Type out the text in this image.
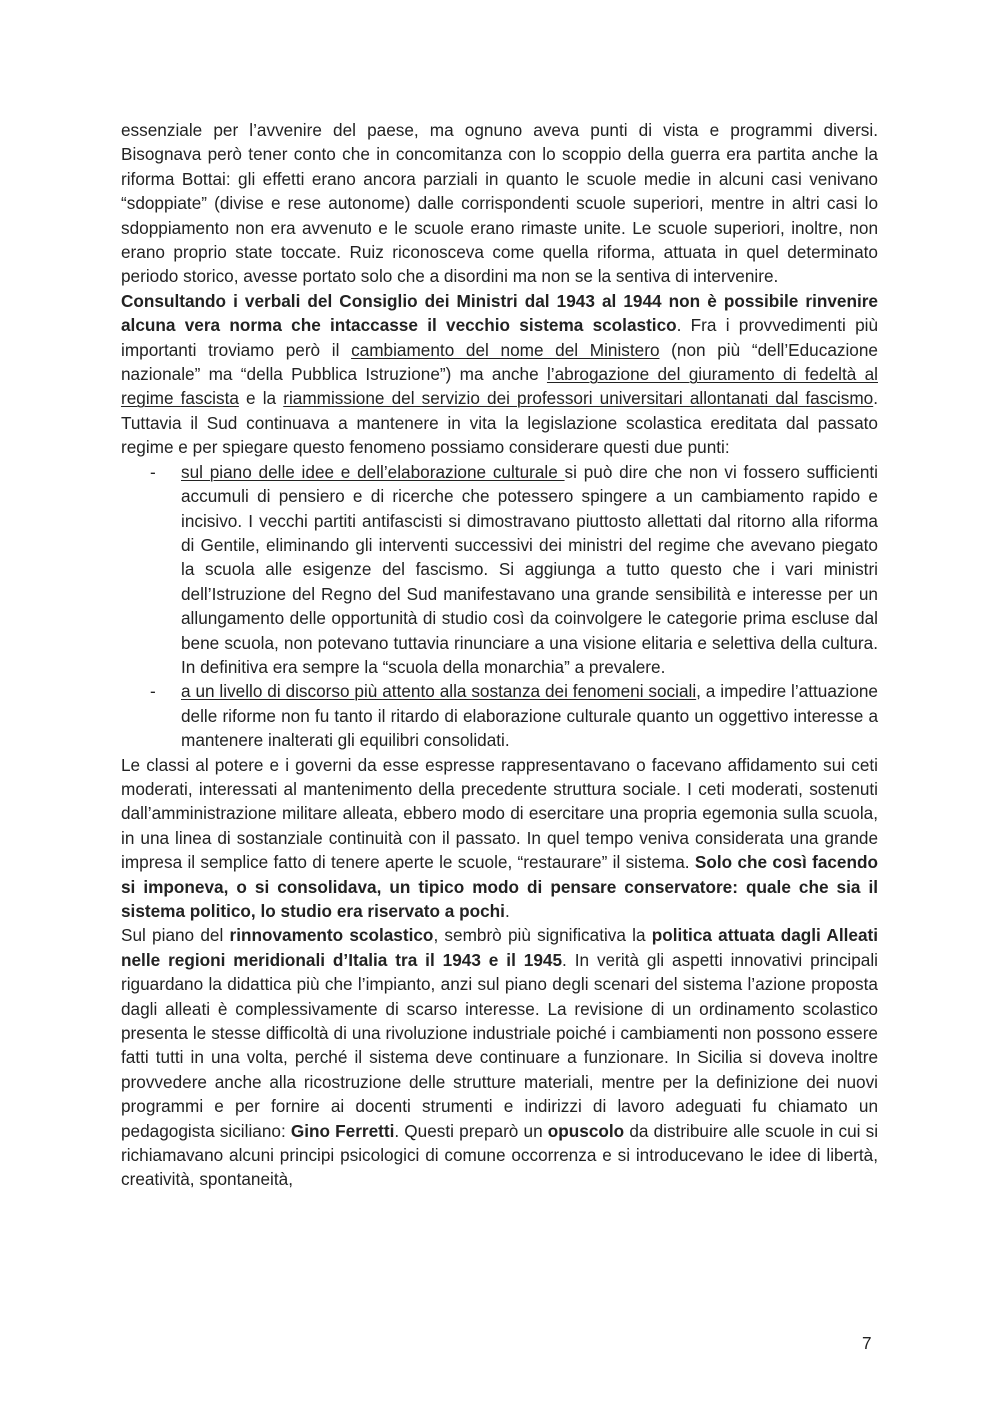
essenziale per l’avvenire del paese, ma ognuno aveva punti di vista e programmi diversi. Bisognava però tener conto che in concomitanza con lo scoppio della guerra era partita anche la riforma Bottai: gli effetti erano ancora parziali in quanto le scuole medie in alcuni casi venivano “sdoppiate” (divise e rese autonome) dalle corrispondenti scuole superiori, mentre in altri casi lo sdoppiamento non era avvenuto e le scuole erano rimaste unite. Le scuole superiori, inoltre, non erano proprio state toccate. Ruiz riconosceva come quella riforma, attuata in quel determinato periodo storico, avesse portato solo che a disordini ma non se la sentiva di intervenire.

Consultando i verbali del Consiglio dei Ministri dal 1943 al 1944 non è possibile rinvenire alcuna vera norma che intaccasse il vecchio sistema scolastico. Fra i provvedimenti più importanti troviamo però il cambiamento del nome del Ministero (non più “dell’Educazione nazionale” ma “della Pubblica Istruzione”) ma anche l’abrogazione del giuramento di fedeltà al regime fascista e la riammissione del servizio dei professori universitari allontanati dal fascismo. Tuttavia il Sud continuava a mantenere in vita la legislazione scolastica ereditata dal passato regime e per spiegare questo fenomeno possiamo considerare questi due punti:

- sul piano delle idee e dell’elaborazione culturale si può dire che non vi fossero sufficienti accumuli di pensiero e di ricerche che potessero spingere a un cambiamento rapido e incisivo. I vecchi partiti antifascisti si dimostravano piuttosto allettati dal ritorno alla riforma di Gentile, eliminando gli interventi successivi dei ministri del regime che avevano piegato la scuola alle esigenze del fascismo. Si aggiunga a tutto questo che i vari ministri dell’Istruzione del Regno del Sud manifestavano una grande sensibilità e interesse per un allungamento delle opportunità di studio così da coinvolgere le categorie prima escluse dal bene scuola, non potevano tuttavia rinunciare a una visione elitaria e selettiva della cultura. In definitiva era sempre la “scuola della monarchia” a prevalere.
- a un livello di discorso più attento alla sostanza dei fenomeni sociali, a impedire l’attuazione delle riforme non fu tanto il ritardo di elaborazione culturale quanto un oggettivo interesse a mantenere inalterati gli equilibri consolidati.

Le classi al potere e i governi da esse espresse rappresentavano o facevano affidamento sui ceti moderati, interessati al mantenimento della precedente struttura sociale. I ceti moderati, sostenuti dall’amministrazione militare alleata, ebbero modo di esercitare una propria egemonia sulla scuola, in una linea di sostanziale continuità con il passato. In quel tempo veniva considerata una grande impresa il semplice fatto di tenere aperte le scuole, “restaurare” il sistema. Solo che così facendo si imponeva, o si consolidava, un tipico modo di pensare conservatore: quale che sia il sistema politico, lo studio era riservato a pochi.

Sul piano del rinnovamento scolastico, sembrò più significativa la politica attuata dagli Alleati nelle regioni meridionali d’Italia tra il 1943 e il 1945. In verità gli aspetti innovativi principali riguardano la didattica più che l’impianto, anzi sul piano degli scenari del sistema l’azione proposta dagli alleati è complessivamente di scarso interesse. La revisione di un ordinamento scolastico presenta le stesse difficoltà di una rivoluzione industriale poiché i cambiamenti non possono essere fatti tutti in una volta, perché il sistema deve continuare a funzionare. In Sicilia si doveva inoltre provvedere anche alla ricostruzione delle strutture materiali, mentre per la definizione dei nuovi programmi e per fornire ai docenti strumenti e indirizzi di lavoro adeguati fu chiamato un pedagogista siciliano: Gino Ferretti. Questi preparò un opuscolo da distribuire alle scuole in cui si richiamavano alcuni principi psicologici di comune occorrenza e si introducevano le idee di libertà, creatività, spontaneità,

7
